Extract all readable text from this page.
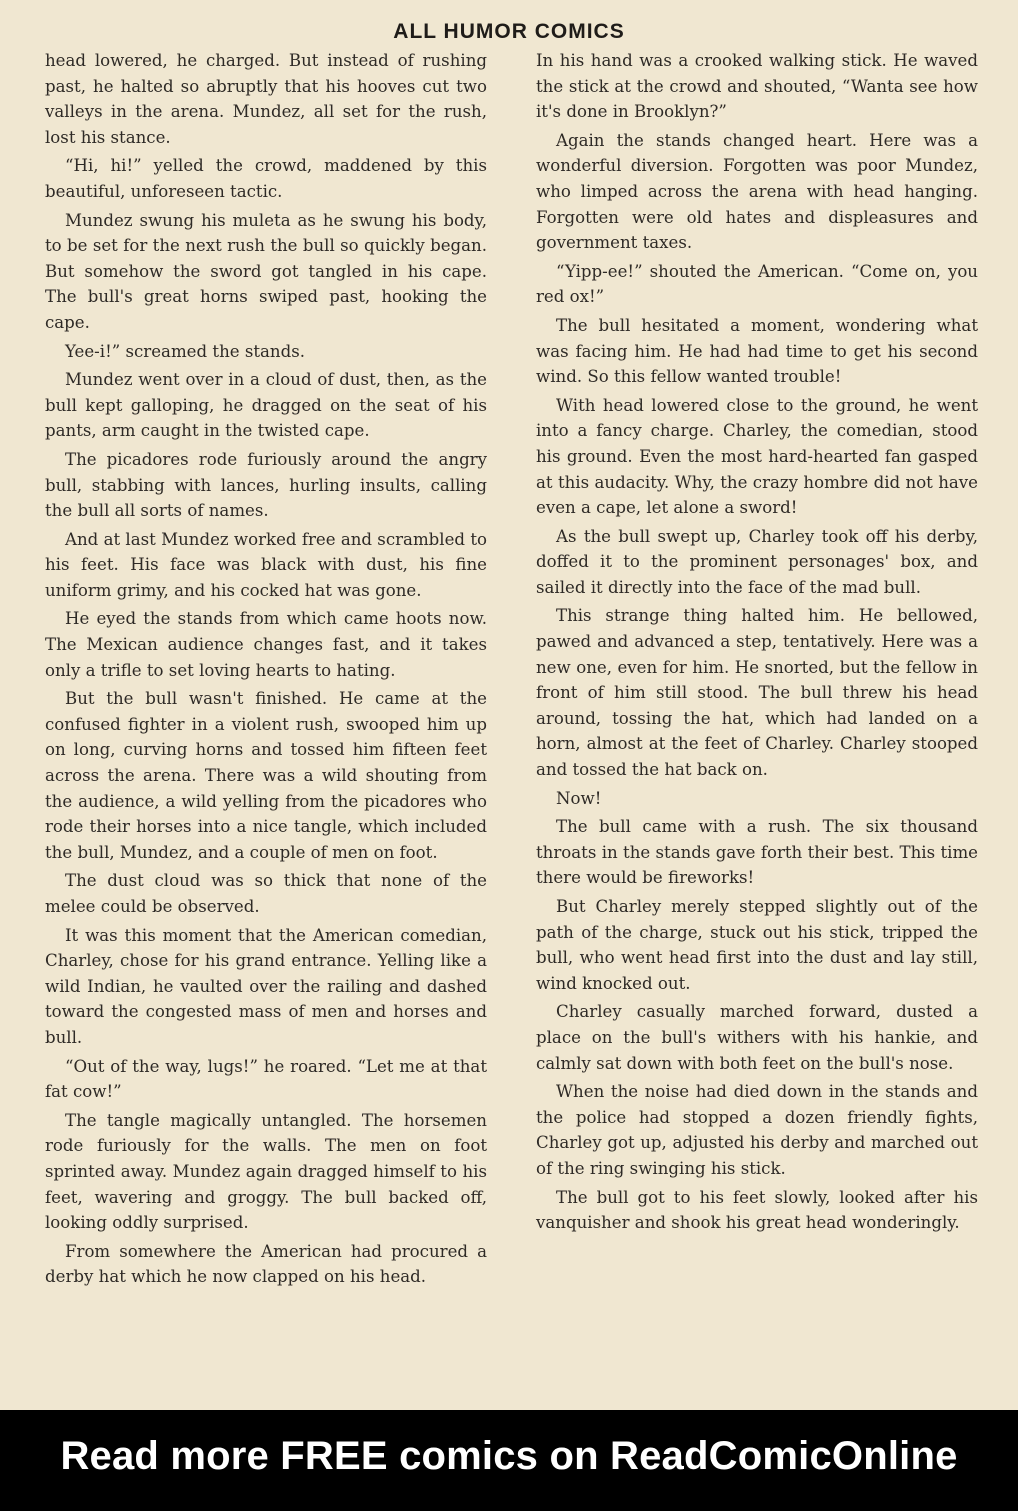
ALL HUMOR COMICS

head lowered, he charged. But instead of rushing past, he halted so abruptly that his hooves cut two valleys in the arena. Mundez, all set for the rush, lost his stance.

“Hi, hi!” yelled the crowd, maddened by this beautiful, unforeseen tactic.

Mundez swung his muleta as he swung his body, to be set for the next rush the bull so quickly began. But somehow the sword got tangled in his cape. The bull's great horns swiped past, hooking the cape.

Yee-i!” screamed the stands.

Mundez went over in a cloud of dust, then, as the bull kept galloping, he dragged on the seat of his pants, arm caught in the twisted cape.

The picadores rode furiously around the angry bull, stabbing with lances, hurling insults, calling the bull all sorts of names.

And at last Mundez worked free and scrambled to his feet. His face was black with dust, his fine uniform grimy, and his cocked hat was gone.

He eyed the stands from which came hoots now. The Mexican audience changes fast, and it takes only a trifle to set loving hearts to hating.

But the bull wasn't finished. He came at the confused fighter in a violent rush, swooped him up on long, curving horns and tossed him fifteen feet across the arena. There was a wild shouting from the audience, a wild yelling from the picadores who rode their horses into a nice tangle, which included the bull, Mundez, and a couple of men on foot.

The dust cloud was so thick that none of the melee could be observed.

It was this moment that the American comedian, Charley, chose for his grand entrance. Yelling like a wild Indian, he vaulted over the railing and dashed toward the congested mass of men and horses and bull.

“Out of the way, lugs!” he roared. “Let me at that fat cow!”

The tangle magically untangled. The horsemen rode furiously for the walls. The men on foot sprinted away. Mundez again dragged himself to his feet, wavering and groggy. The bull backed off, looking oddly surprised.

From somewhere the American had procured a derby hat which he now clapped on his head.

In his hand was a crooked walking stick. He waved the stick at the crowd and shouted, “Wanta see how it's done in Brooklyn?”

Again the stands changed heart. Here was a wonderful diversion. Forgotten was poor Mundez, who limped across the arena with head hanging. Forgotten were old hates and displeasures and government taxes.

“Yipp-ee!” shouted the American. “Come on, you red ox!”

The bull hesitated a moment, wondering what was facing him. He had had time to get his second wind. So this fellow wanted trouble!

With head lowered close to the ground, he went into a fancy charge. Charley, the comedian, stood his ground. Even the most hard-hearted fan gasped at this audacity. Why, the crazy hombre did not have even a cape, let alone a sword!

As the bull swept up, Charley took off his derby, doffed it to the prominent personages' box, and sailed it directly into the face of the mad bull.

This strange thing halted him. He bellowed, pawed and advanced a step, tentatively. Here was a new one, even for him. He snorted, but the fellow in front of him still stood. The bull threw his head around, tossing the hat, which had landed on a horn, almost at the feet of Charley. Charley stooped and tossed the hat back on.

Now!

The bull came with a rush. The six thousand throats in the stands gave forth their best. This time there would be fireworks!

But Charley merely stepped slightly out of the path of the charge, stuck out his stick, tripped the bull, who went head first into the dust and lay still, wind knocked out.

Charley casually marched forward, dusted a place on the bull's withers with his hankie, and calmly sat down with both feet on the bull's nose.

When the noise had died down in the stands and the police had stopped a dozen friendly fights, Charley got up, adjusted his derby and marched out of the ring swinging his stick.

The bull got to his feet slowly, looked after his vanquisher and shook his great head wonderingly.

Read more FREE comics on ReadComicOnline
